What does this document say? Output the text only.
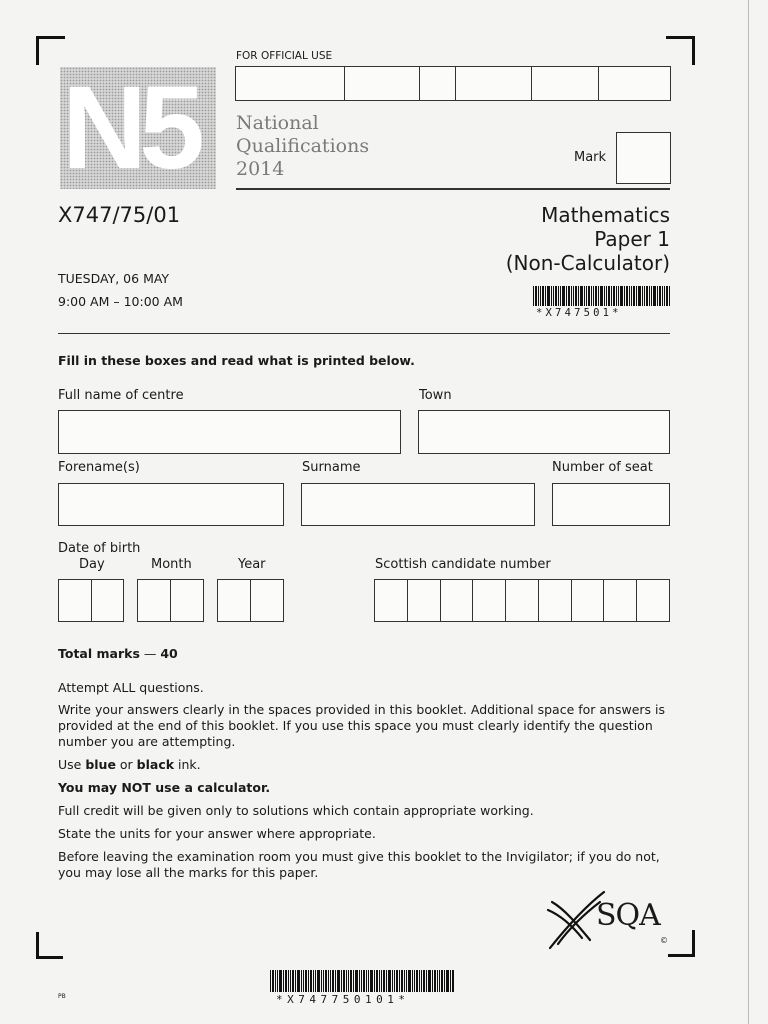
N5	National
Qualifications
2014
FOR OFFICIAL USE
Mark
X747/75/01	Mathematics
Paper 1
(Non-Calculator)
TUESDAY, 06 MAY
9:00 AM – 10:00 AM
*X747501*
Fill in these boxes and read what is printed below.
Full name of centre	Town
Forename(s)	Surname	Number of seat
Date of birth
Day	Month	Year	Scottish candidate number
Total marks — 40
Attempt ALL questions.
Write your answers clearly in the spaces provided in this booklet. Additional space for answers is provided at the end of this booklet. If you use this space you must clearly identify the question number you are attempting.
Use blue or black ink.
You may NOT use a calculator.
Full credit will be given only to solutions which contain appropriate working.
State the units for your answer where appropriate.
Before leaving the examination room you must give this booklet to the Invigilator; if you do not, you may lose all the marks for this paper.
SQA
©
*X747750101*
PB
